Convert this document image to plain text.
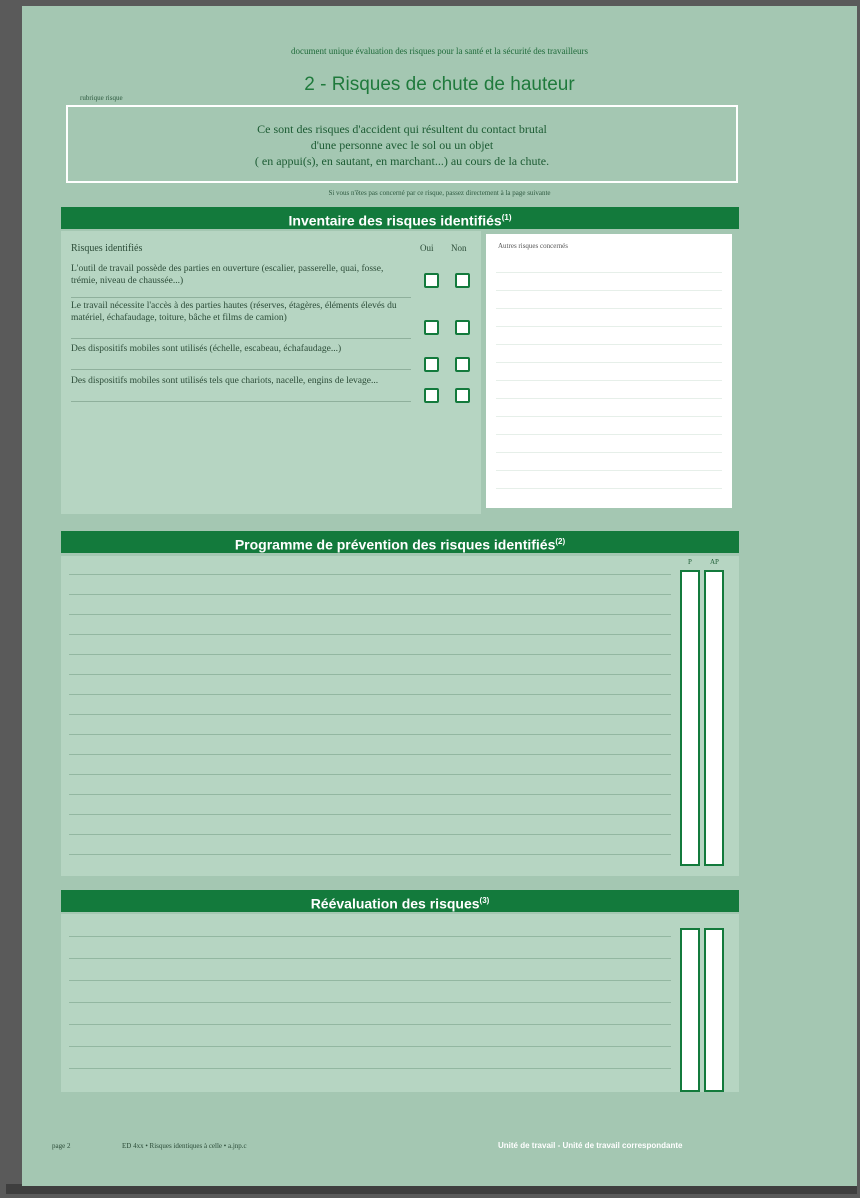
document unique évaluation des risques pour la santé et la sécurité des travailleurs
2 - Risques de chute de hauteur
rubrique risque
Ce sont des risques d'accident qui résultent du contact brutal
d'une personne avec le sol ou un objet
( en appui(s), en sautant, en marchant...) au cours de la chute.
Si vous n'êtes pas concerné par ce risque, passez directement à la page suivante
Inventaire des risques identifiés$^{(1)}$
Risques identifiés	Oui Non
L'outil de travail possède des parties en ouverture (escalier, passerelle, quai, fosse, trémie, niveau de chaussée...)
Le travail nécessite l'accès à des parties hautes (réserves, étagères, éléments élevés du matériel, échafaudage, toiture, bâche et films de camion)
Des dispositifs mobiles sont utilisés (échelle, escabeau, échafaudage...)
Des dispositifs mobiles sont utilisés tels que chariots, nacelle, engins de levage...
Autres risques concernés
Programme de prévention des risques identifiés$^{(2)}$
P	AP
Réévaluation des risques$^{(3)}$
page 2	ED 4xx • Risques identiques à celle • a.jnp.c	Unité de travail - Unité de travail correspondante
